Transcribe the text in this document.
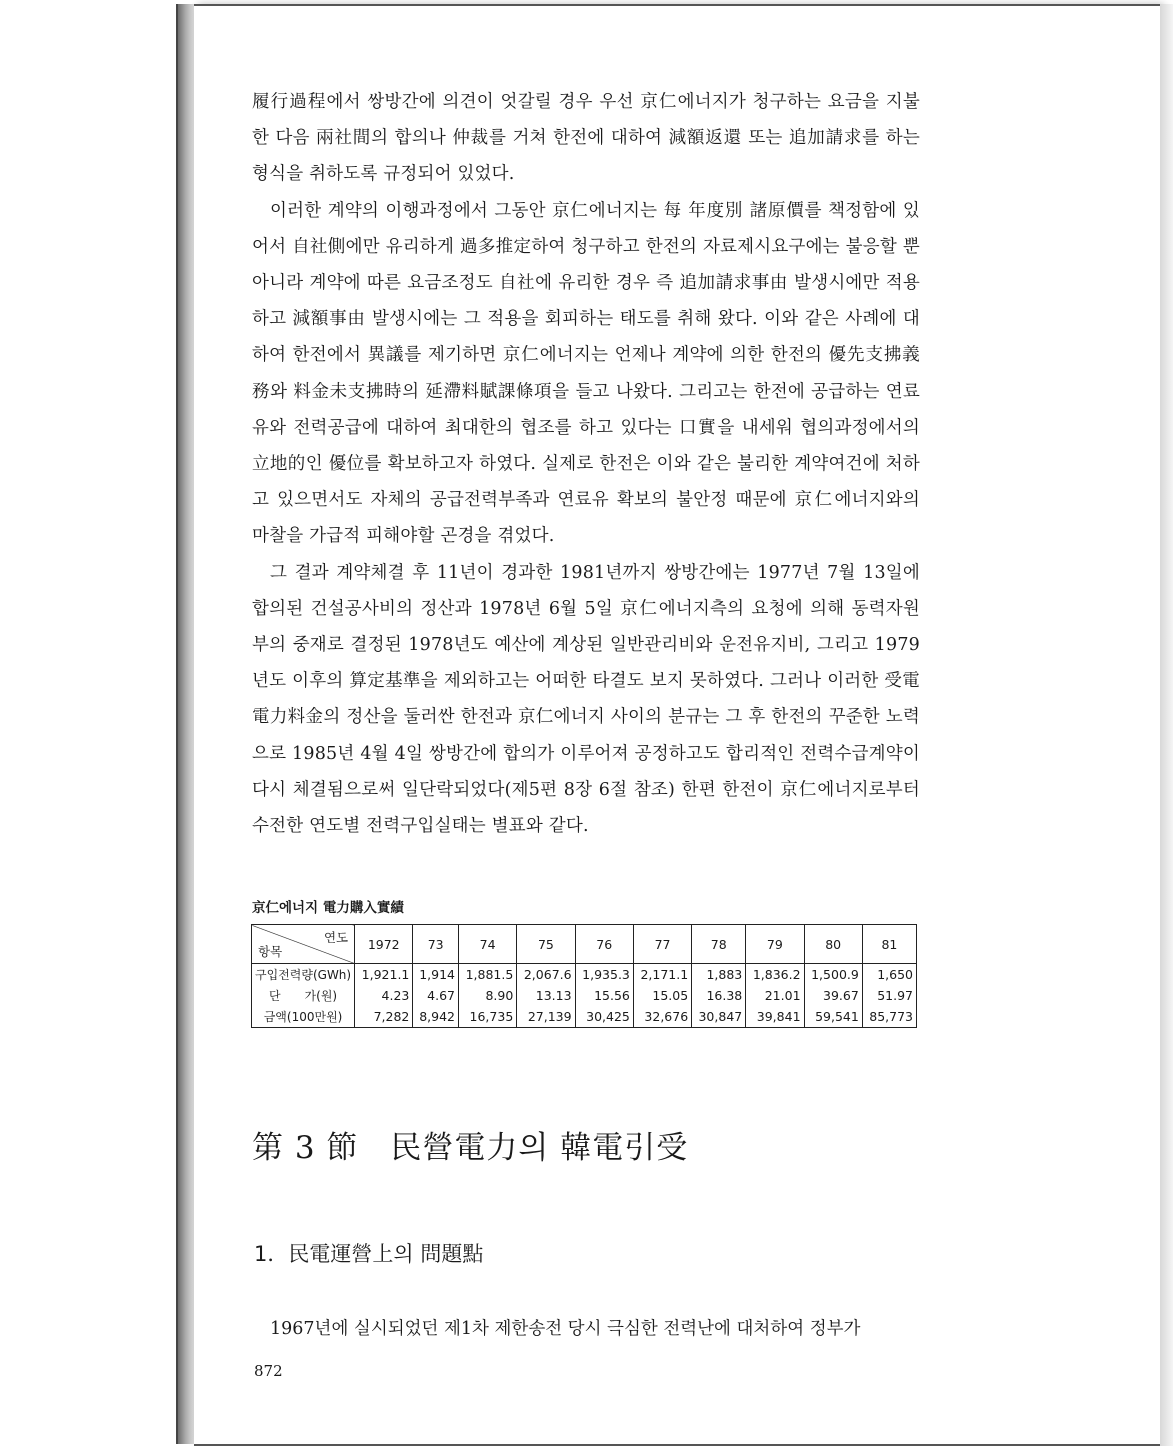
履行過程에서 쌍방간에 의견이 엇갈릴 경우 우선 京仁에너지가 청구하는 요금을 지불한 다음 兩社間의 합의나 仲裁를 거쳐 한전에 대하여 減額返還 또는 追加請求를 하는 형식을 취하도록 규정되어 있었다.

이러한 계약의 이행과정에서 그동안 京仁에너지는 每 年度別 諸原價를 책정함에 있어서 自社側에만 유리하게 過多推定하여 청구하고 한전의 자료제시요구에는 불응할 뿐 아니라 계약에 따른 요금조정도 自社에 유리한 경우 즉 追加請求事由 발생시에만 적용하고 減額事由 발생시에는 그 적용을 회피하는 태도를 취해 왔다. 이와 같은 사례에 대하여 한전에서 異議를 제기하면 京仁에너지는 언제나 계약에 의한 한전의 優先支拂義務와 料金未支拂時의 延滯料賦課條項을 들고 나왔다. 그리고는 한전에 공급하는 연료유와 전력공급에 대하여 최대한의 협조를 하고 있다는 口實을 내세워 협의과정에서의 立地的인 優位를 확보하고자 하였다. 실제로 한전은 이와 같은 불리한 계약여건에 처하고 있으면서도 자체의 공급전력부족과 연료유 확보의 불안정 때문에 京仁에너지와의 마찰을 가급적 피해야할 곤경을 겪었다.

그 결과 계약체결 후 11년이 경과한 1981년까지 쌍방간에는 1977년 7월 13일에 합의된 건설공사비의 정산과 1978년 6월 5일 京仁에너지측의 요청에 의해 동력자원부의 중재로 결정된 1978년도 예산에 계상된 일반관리비와 운전유지비, 그리고 1979년도 이후의 算定基準을 제외하고는 어떠한 타결도 보지 못하였다. 그러나 이러한 受電電力料金의 정산을 둘러싼 한전과 京仁에너지 사이의 분규는 그 후 한전의 꾸준한 노력으로 1985년 4월 4일 쌍방간에 합의가 이루어져 공정하고도 합리적인 전력수급계약이 다시 체결됨으로써 일단락되었다(제5편 8장 6절 참조) 한편 한전이 京仁에너지로부터 수전한 연도별 전력구입실태는 별표와 같다.

京仁에너지 電力購入實績
연도
항목	1972	73	74	75	76	77	78	79	80	81
구입전력량(GWh)	1,921.1	1,914	1,881.5	2,067.6	1,935.3	2,171.1	1,883	1,836.2	1,500.9	1,650
단　　가(원)	4.23	4.67	8.90	13.13	15.56	15.05	16.38	21.01	39.67	51.97
금액(100만원)	7,282	8,942	16,735	27,139	30,425	32,676	30,847	39,841	59,541	85,773
第 3 節　民營電力의 韓電引受
1．民電運營上의 問題點
1967년에 실시되었던 제1차 제한송전 당시 극심한 전력난에 대처하여 정부가
872
